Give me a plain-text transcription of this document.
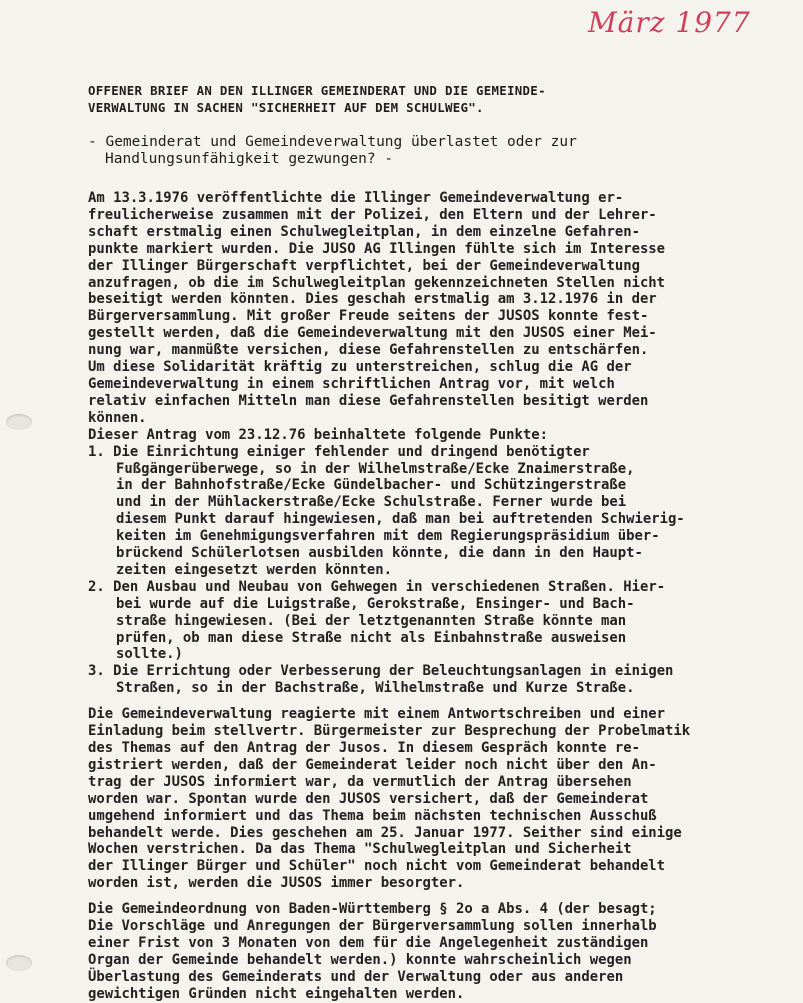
März 1977
OFFENER BRIEF AN DEN ILLINGER GEMEINDERAT UND DIE GEMEINDE-
VERWALTUNG IN SACHEN "SICHERHEIT AUF DEM SCHULWEG".
- Gemeinderat und Gemeindeverwaltung überlastet oder zur
Handlungsunfähigkeit gezwungen? -
Am 13.3.1976 veröffentlichte die Illinger Gemeindeverwaltung er-
freulicherweise zusammen mit der Polizei, den Eltern und der Lehrer-
schaft erstmalig einen Schulwegleitplan, in dem einzelne Gefahren-
punkte markiert wurden. Die JUSO AG Illingen fühlte sich im Interesse
der Illinger Bürgerschaft verpflichtet, bei der Gemeindeverwaltung
anzufragen, ob die im Schulwegleitplan gekennzeichneten Stellen nicht
beseitigt werden könnten. Dies geschah erstmalig am 3.12.1976 in der
Bürgerversammlung. Mit großer Freude seitens der JUSOS konnte fest-
gestellt werden, daß die Gemeindeverwaltung mit den JUSOS einer Mei-
nung war, manmüßte versichen, diese Gefahrenstellen zu entschärfen.
Um diese Solidarität kräftig zu unterstreichen, schlug die AG der
Gemeindeverwaltung in einem schriftlichen Antrag vor, mit welch
relativ einfachen Mitteln man diese Gefahrenstellen besitigt werden
können.
Dieser Antrag vom 23.12.76 beinhaltete folgende Punkte:
1. Die Einrichtung einiger fehlender und dringend benötigter
Fußgängerüberwege, so in der Wilhelmstraße/Ecke Znaimerstraße,
in der Bahnhofstraße/Ecke Gündelbacher- und Schützingerstraße
und in der Mühlackerstraße/Ecke Schulstraße. Ferner wurde bei
diesem Punkt darauf hingewiesen, daß man bei auftretenden Schwierig-
keiten im Genehmigungsverfahren mit dem Regierungspräsidium über-
brückend Schülerlotsen ausbilden könnte, die dann in den Haupt-
zeiten eingesetzt werden könnten.
2. Den Ausbau und Neubau von Gehwegen in verschiedenen Straßen. Hier-
bei wurde auf die Luigstraße, Gerokstraße, Ensinger- und Bach-
straße hingewiesen. (Bei der letztgenannten Straße könnte man
prüfen, ob man diese Straße nicht als Einbahnstraße ausweisen
sollte.)
3. Die Errichtung oder Verbesserung der Beleuchtungsanlagen in einigen
Straßen, so in der Bachstraße, Wilhelmstraße und Kurze Straße.
Die Gemeindeverwaltung reagierte mit einem Antwortschreiben und einer
Einladung beim stellvertr. Bürgermeister zur Besprechung der Probelmatik
des Themas auf den Antrag der Jusos. In diesem Gespräch konnte re-
gistriert werden, daß der Gemeinderat leider noch nicht über den An-
trag der JUSOS informiert war, da vermutlich der Antrag übersehen
worden war. Spontan wurde den JUSOS versichert, daß der Gemeinderat
umgehend informiert und das Thema beim nächsten technischen Ausschuß
behandelt werde. Dies geschehen am 25. Januar 1977. Seither sind einige
Wochen verstrichen. Da das Thema "Schulwegleitplan und Sicherheit
der Illinger Bürger und Schüler" noch nicht vom Gemeinderat behandelt
worden ist, werden die JUSOS immer besorgter.
Die Gemeindeordnung von Baden-Württemberg § 2o a Abs. 4 (der besagt;
Die Vorschläge und Anregungen der Bürgerversammlung sollen innerhalb
einer Frist von 3 Monaten von dem für die Angelegenheit zuständigen
Organ der Gemeinde behandelt werden.) konnte wahrscheinlich wegen
Überlastung des Gemeinderats und der Verwaltung oder aus anderen
gewichtigen Gründen nicht eingehalten werden.
